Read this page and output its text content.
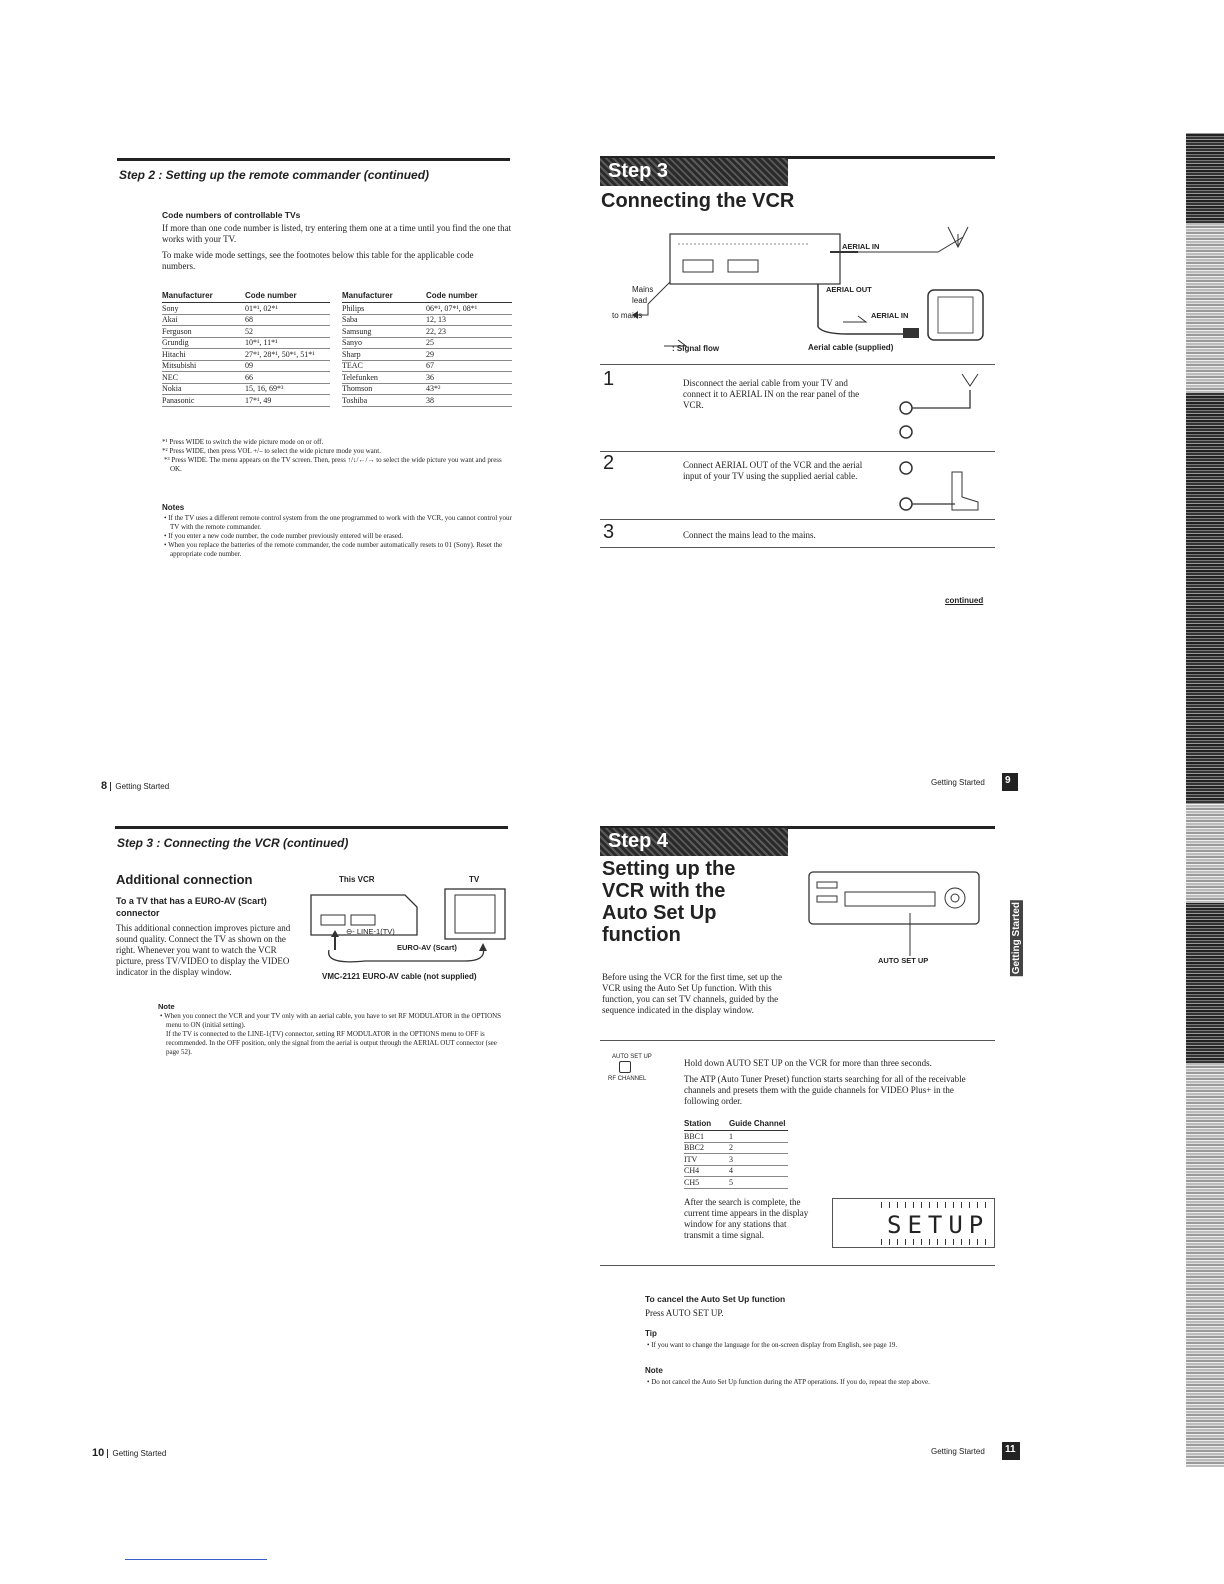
Step 2 : Setting up the remote commander (continued)
Code numbers of controllable TVs
If more than one code number is listed, try entering them one at a time until you find the one that works with your TV.
To make wide mode settings, see the footnotes below this table for the applicable code numbers.
Manufacturer	Code number
Sony	01*¹, 02*¹
Akai	68
Ferguson	52
Grundig	10*¹, 11*¹
Hitachi	27*¹, 28*¹, 50*¹, 51*¹
Mitsubishi	09
NEC	66
Nokia	15, 16, 69*³
Panasonic	17*¹, 49
Manufacturer	Code number
Philips	06*¹, 07*¹, 08*¹
Saba	12, 13
Samsung	22, 23
Sanyo	25
Sharp	29
TEAC	67
Telefunken	36
Thomson	43*²
Toshiba	38
*¹ Press WIDE to switch the wide picture mode on or off.
*² Press WIDE, then press VOL +/– to select the wide picture mode you want.
*³ Press WIDE. The menu appears on the TV screen. Then, press ↑/↓/←/→ to select the wide picture you want and press OK.
Notes
• If the TV uses a different remote control system from the one programmed to work with the VCR, you cannot control your TV with the remote commander.
• If you enter a new code number, the code number previously entered will be erased.
• When you replace the batteries of the remote commander, the code number automatically resets to 01 (Sony). Reset the appropriate code number.
8 Getting Started
Step 3
Connecting the VCR
AERIAL IN
AERIAL OUT
AERIAL IN
Mains lead
to mains
: Signal flow	Aerial cable (supplied)
1	Disconnect the aerial cable from your TV and connect it to AERIAL IN on the rear panel of the VCR.
2	Connect AERIAL OUT of the VCR and the aerial input of your TV using the supplied aerial cable.
3	Connect the mains lead to the mains.
continued
Getting Started	9
Step 3 : Connecting the VCR (continued)
Additional connection
To a TV that has a EURO-AV (Scart) connector
This additional connection improves picture and sound quality. Connect the TV as shown on the right. Whenever you want to watch the VCR picture, press TV/VIDEO to display the VIDEO indicator in the display window.
This VCR	TV
⊖- LINE-1(TV)
EURO-AV (Scart)
VMC-2121 EURO-AV cable (not supplied)
Note
• When you connect the VCR and your TV only with an aerial cable, you have to set RF MODULATOR in the OPTIONS menu to ON (initial setting).
If the TV is connected to the LINE-1(TV) connector, setting RF MODULATOR in the OPTIONS menu to OFF is recommended. In the OFF position, only the signal from the aerial is output through the AERIAL OUT connector (see page 52).
10 Getting Started
Step 4
Setting up the
VCR with the
Auto Set Up
function
AUTO SET UP
Before using the VCR for the first time, set up the VCR using the Auto Set Up function. With this function, you can set TV channels, guided by the sequence indicated in the display window.
AUTO SET UP
RF CHANNEL
Hold down AUTO SET UP on the VCR for more than three seconds.
The ATP (Auto Tuner Preset) function starts searching for all of the receivable channels and presets them with the guide channels for VIDEO Plus+ in the following order.
Station	Guide Channel
BBC1	1
BBC2	2
ITV	3
CH4	4
CH5	5
After the search is complete, the current time appears in the display window for any stations that transmit a time signal.	SETUP
To cancel the Auto Set Up function
Press AUTO SET UP.
Tip
• If you want to change the language for the on-screen display from English, see page 19.
Note
• Do not cancel the Auto Set Up function during the ATP operations. If you do, repeat the step above.
Getting Started
Getting Started	11
